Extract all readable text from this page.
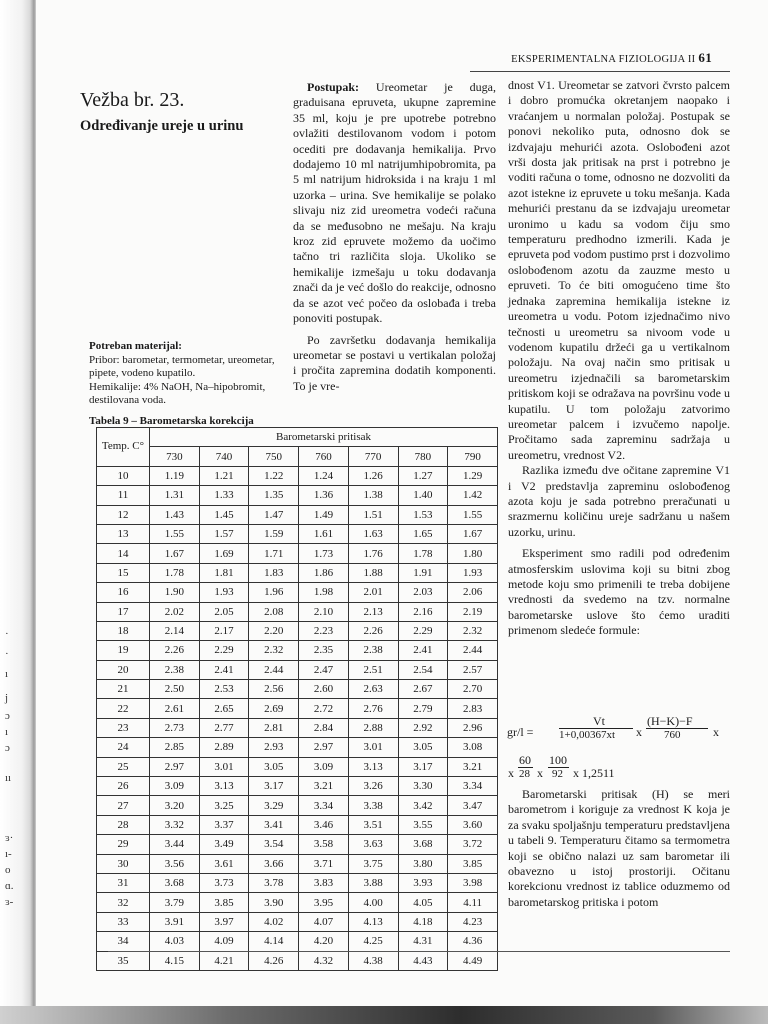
EKSPERIMENTALNA FIZIOLOGIJA II 61
Vežba br. 23.
Određivanje ureje u urinu
Potreban materijal:
Pribor: barometar, termometar, ureometar, pipete, vodeno kupatilo.
Hemikalije: 4% NaOH, Na–hipobromit, destilovana voda.

Postupak: Ureometar je duga, graduisana epruveta, ukupne zapremine 35 ml, koju je pre upotrebe potrebno ovlažiti destilovanom vodom i potom ocediti pre dodavanja hemikalija. Prvo dodajemo 10 ml natrijumhipobromita, pa 5 ml natrijum hidroksida i na kraju 1 ml uzorka – urina. Sve hemikalije se polako slivaju niz zid ureometra vodeći računa da se međusobno ne mešaju. Na kraju kroz zid epruvete možemo da uočimo tačno tri različita sloja. Ukoliko se hemikalije izmešaju u toku dodavanja znači da je već došlo do reakcije, odnosno da se azot već počeo da oslobađa i treba ponoviti postupak.

Po završetku dodavanja hemikalija ureometar se postavi u vertikalan položaj i pročita zapremina dodatih komponenti. To je vre-

dnost V1. Ureometar se zatvori čvrsto palcem i dobro promućka okretanjem naopako i vraćanjem u normalan položaj. Postupak se ponovi nekoliko puta, odnosno dok se izdvajaju mehurići azota. Oslobođeni azot vrši dosta jak pritisak na prst i potrebno je voditi računa o tome, odnosno ne dozvoliti da azot istekne iz epruvete u toku mešanja. Kada mehurići prestanu da se izdvajaju ureometar uronimo u kadu sa vodom čiju smo temperaturu predhodno izmerili. Kada je epruveta pod vodom pustimo prst i dozvolimo oslobođenom azotu da zauzme mesto u epruveti. To će biti omogućeno time što jednaka zapremina hemikalija istekne iz ureometra u vodu. Potom izjednačimo nivo tečnosti u ureometru sa nivoom vode u vodenom kupatilu držeći ga u vertikalnom položaju. Na ovaj način smo pritisak u ureometru izjednačili sa barometarskim pritiskom koji se odražava na površinu vode u kupatilu. U tom položaju zatvorimo ureometar palcem i izvučemo napolje. Pročitamo sada zapreminu sadržaja u ureometru, vrednost V2.

Razlika između dve očitane zapremine V1 i V2 predstavlja zapreminu oslobođenog azota koju je sada potrebno preračunati u srazmernu količinu ureje sadržanu u našem uzorku, urinu.

Eksperiment smo radili pod određenim atmosferskim uslovima koji su bitni zbog metode koju smo primenili te treba dobijene vrednosti da svedemo na tzv. normalne barometarske uslove što ćemo uraditi primenom sledeće formule:

gr/l =
Vt
1+0,00367xt x
(H−K)−F
760	x
x
60
28 x
100
92 x 1,2511

Barometarski pritisak (H) se meri barometrom i koriguje za vrednost K koja je za svaku spoljašnju temperaturu predstavljena u tabeli 9. Temperaturu čitamo sa termometra koji se obično nalazi uz sam barometar ili obavezno u istoj prostoriji. Očitanu korekcionu vrednost iz tablice oduzmemo od barometarskog pritiska i potom

Tabela 9 – Barometarska korekcija
Temp. C°	Barometarski pritisak						
	730	740	750	760	770	780	790
10	1.19	1.21	1.22	1.24	1.26	1.27	1.29
11	1.31	1.33	1.35	1.36	1.38	1.40	1.42
12	1.43	1.45	1.47	1.49	1.51	1.53	1.55
13	1.55	1.57	1.59	1.61	1.63	1.65	1.67
14	1.67	1.69	1.71	1.73	1.76	1.78	1.80
15	1.78	1.81	1.83	1.86	1.88	1.91	1.93
16	1.90	1.93	1.96	1.98	2.01	2.03	2.06
17	2.02	2.05	2.08	2.10	2.13	2.16	2.19
18	2.14	2.17	2.20	2.23	2.26	2.29	2.32
19	2.26	2.29	2.32	2.35	2.38	2.41	2.44
20	2.38	2.41	2.44	2.47	2.51	2.54	2.57
21	2.50	2.53	2.56	2.60	2.63	2.67	2.70
22	2.61	2.65	2.69	2.72	2.76	2.79	2.83
23	2.73	2.77	2.81	2.84	2.88	2.92	2.96
24	2.85	2.89	2.93	2.97	3.01	3.05	3.08
25	2.97	3.01	3.05	3.09	3.13	3.17	3.21
26	3.09	3.13	3.17	3.21	3.26	3.30	3.34
27	3.20	3.25	3.29	3.34	3.38	3.42	3.47
28	3.32	3.37	3.41	3.46	3.51	3.55	3.60
29	3.44	3.49	3.54	3.58	3.63	3.68	3.72
30	3.56	3.61	3.66	3.71	3.75	3.80	3.85
31	3.68	3.73	3.78	3.83	3.88	3.93	3.98
32	3.79	3.85	3.90	3.95	4.00	4.05	4.11
33	3.91	3.97	4.02	4.07	4.13	4.18	4.23
34	4.03	4.09	4.14	4.20	4.25	4.31	4.36
35	4.15	4.21	4.26	4.32	4.38	4.43	4.49
·
·
ı
j
ɔ
ı
ɔ
ıı
ɜ·
ı-
o
ɑ.
ɜ-
